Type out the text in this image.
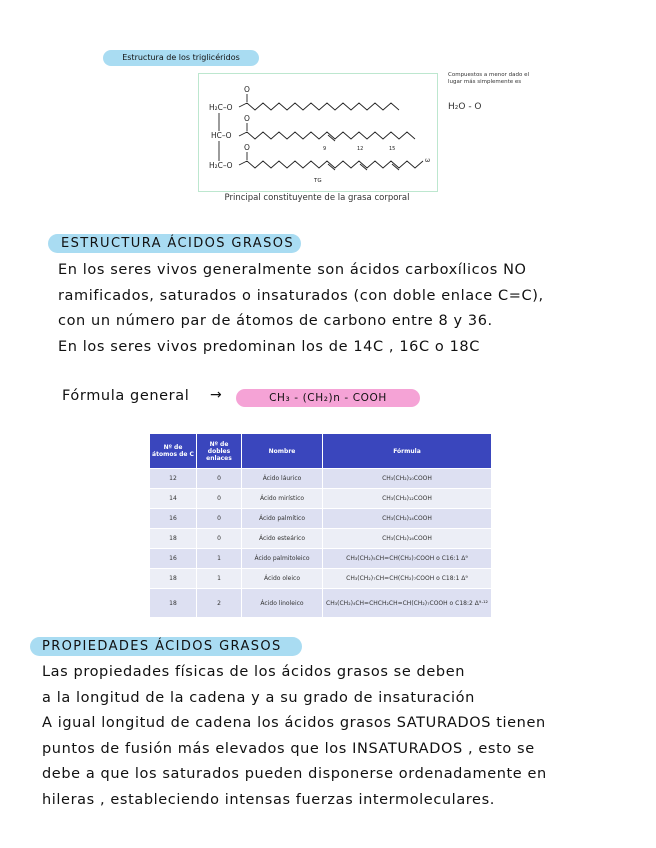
Estructura de los triglicéridos
H₂C–O
HC–O
H₂C–O
O
O
O	9	12	15
ω
TG
Principal constituyente de la grasa corporal
Compuestos a menor dado el lugar más simplemente es
H₂O - O
ESTRUCTURA ÁCIDOS GRASOS
En los seres vivos generalmente son ácidos carboxílicos NO
ramificados, saturados o insaturados (con doble enlace C=C),
con un número par de átomos de carbono entre 8 y 36.
En los seres vivos predominan los de 14C , 16C o 18C
Fórmula general →	CH₃ - (CH₂)n - COOH
Nº de átomos de C	Nº de dobles enlaces	Nombre	Fórmula
12	0	Ácido láurico	CH₃(CH₂)₁₀COOH
14	0	Ácido mirístico	CH₃(CH₂)₁₂COOH
16	0	Ácido palmítico	CH₃(CH₂)₁₄COOH
18	0	Ácido esteárico	CH₃(CH₂)₁₆COOH
16	1	Ácido palmitoleico	CH₃(CH₂)₅CH=CH(CH₂)₇COOH o C16:1 Δ⁹
18	1	Ácido oleico	CH₃(CH₂)₇CH=CH(CH₂)₇COOH o C18:1 Δ⁹
18	2	Ácido linoleico	CH₃(CH₂)₄CH=CHCH₂CH=CH(CH₂)₇COOH o C18:2 Δ⁹·¹²
PROPIEDADES ÁCIDOS GRASOS
Las propiedades físicas de los ácidos grasos se deben
a la longitud de la cadena y a su grado de insaturación
A igual longitud de cadena los ácidos grasos SATURADOS tienen
puntos de fusión más elevados que los INSATURADOS , esto se
debe a que los saturados pueden disponerse ordenadamente en
hileras , estableciendo intensas fuerzas intermoleculares.
